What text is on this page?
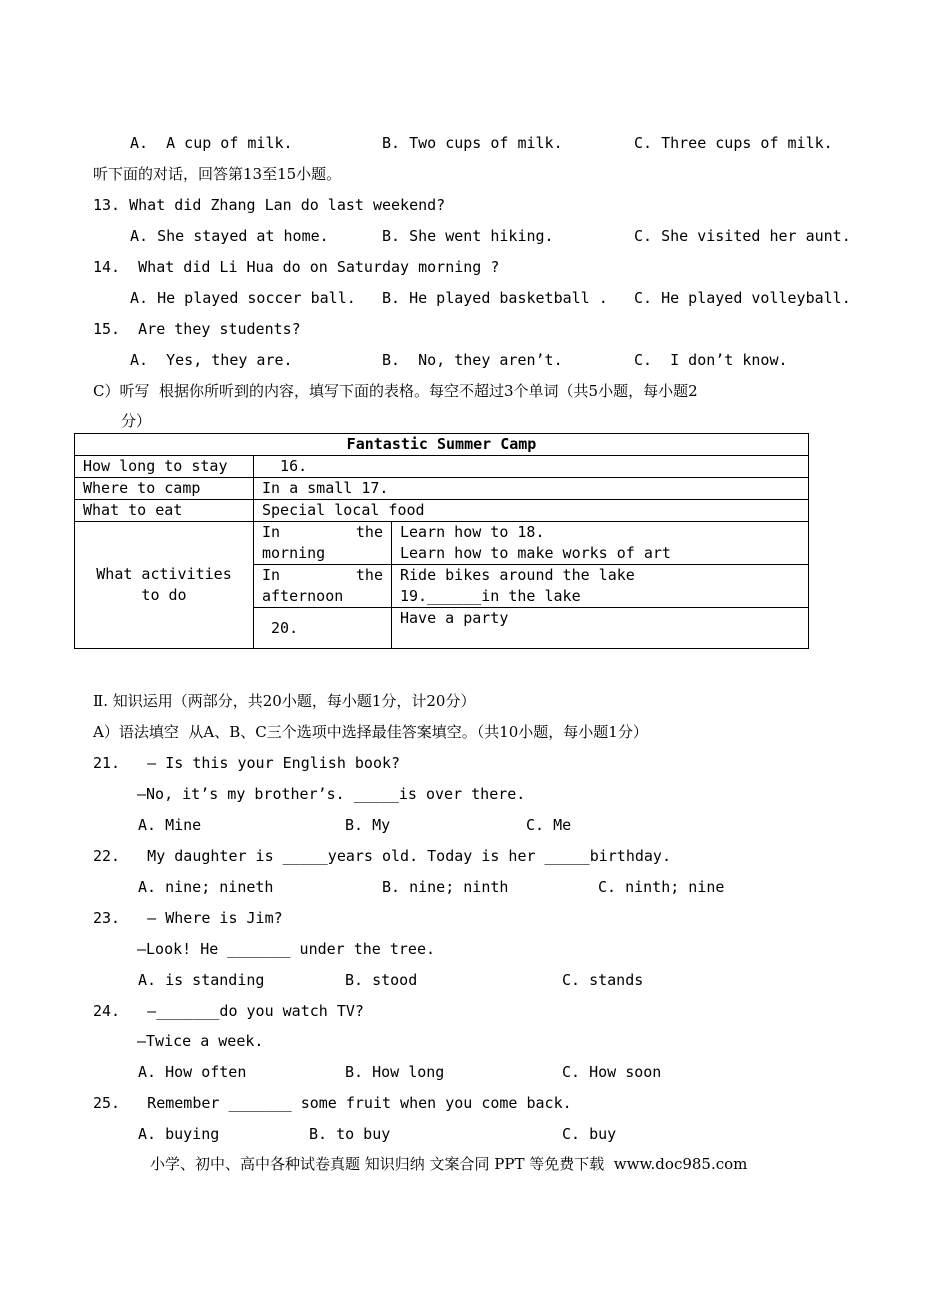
A.  A cup of milk.	B. Two cups of milk.	C. Three cups of milk.
听下面的对话，回答第13至15小题。
13. What did Zhang Lan do last weekend?
A. She stayed at home.	B. She went hiking.	C. She visited her aunt.
14.  What did Li Hua do on Saturday morning ?
A. He played soccer ball. B. He played basketball . C. He played volleyball.
15.  Are they students?
A.  Yes, they are.	B.  No, they aren’t.	C.  I don’t know.
C）听写  根据你所听到的内容，填写下面的表格。每空不超过3个单词（共5小题，每小题2
分）
Fantastic Summer Camp		
How long to stay	16.	
Where to camp	In a small 17.	
What to eat	Special local food	
What activities to do	In the morning	Learn how to 18.
Learn how to make works of art

	In the afternoon	Ride bikes around the lake
19.______in the lake

	20.	Have a party
Ⅱ. 知识运用（两部分，共20小题，每小题1分，计20分）
A）语法填空  从A、B、C三个选项中选择最佳答案填空。（共10小题，每小题1分）
21.   – Is this your English book?
–No, it’s my brother’s. _____is over there.
A. Mine	B. My	C. Me
22.   My daughter is _____years old. Today is her _____birthday.
A. nine; nineth	B. nine; ninth	C. ninth; nine
23.   – Where is Jim?
–Look! He _______ under the tree.
A. is standing	B. stood	C. stands
24.   –_______do you watch TV?
–Twice a week.
A. How often	B. How long	C. How soon
25.   Remember _______ some fruit when you come back.
A. buying	B. to buy	C. buy
小学、初中、高中各种试卷真题 知识归纳 文案合同 PPT 等免费下载  www.doc985.com
